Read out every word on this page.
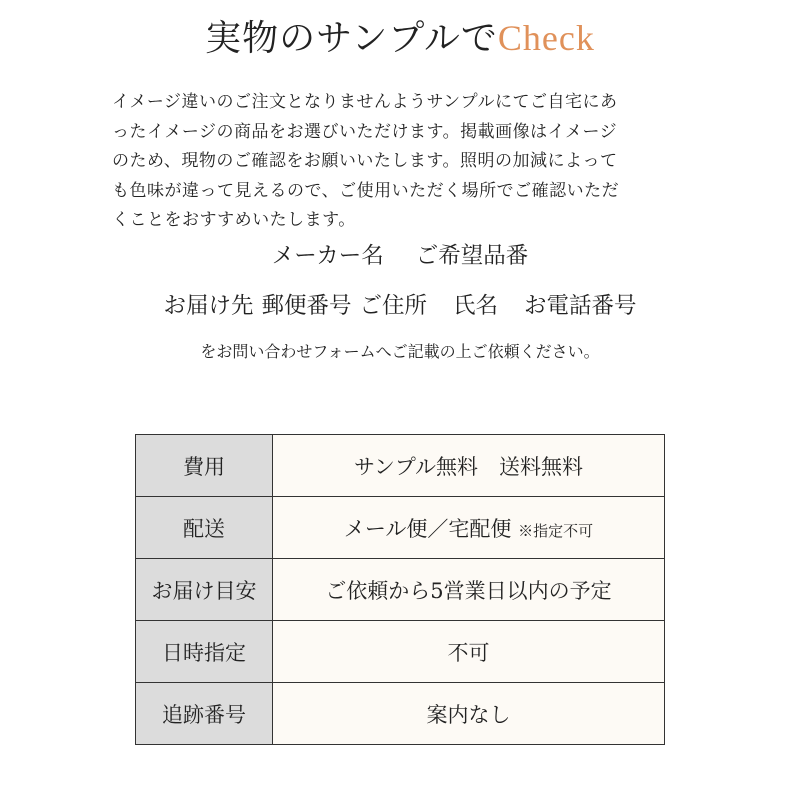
実物のサンプルでCheck
イメージ違いのご注文となりませんようサンプルにてご自宅にあ
ったイメージの商品をお選びいただけます。掲載画像はイメージ
のため、現物のご確認をお願いいたします。照明の加減によって
も色味が違って見えるので、ご使用いただく場所でご確認いただ
くことをおすすめいたします。
メーカー名 ご希望品番
お届け先 郵便番号 ご住所 氏名 お電話番号
をお問い合わせフォームへご記載の上ご依頼ください。
費用	サンプル無料　送料無料
配送	メール便／宅配便 ※指定不可
お届け目安	ご依頼から5営業日以内の予定
日時指定	不可
追跡番号	案内なし
